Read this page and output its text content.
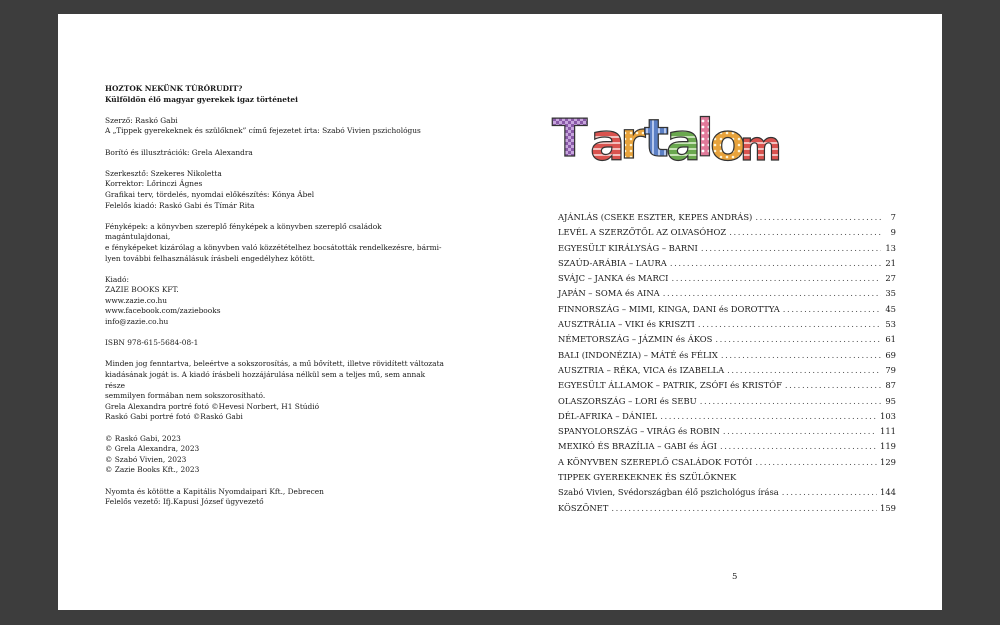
HOZTOK NEKÜNK TÚRÓRUDIT?
Külföldön élő magyar gyerekek igaz történetei
Szerző: Raskó Gabi
A „Tippek gyerekeknek és szülőknek” című fejezetet írta: Szabó Vivien pszichológus
Borító és illusztrációk: Grela Alexandra
Szerkesztő: Szekeres Nikoletta
Korrektor: Lőrinczi Ágnes
Grafikai terv, tördelés, nyomdai előkészítés: Kónya Ábel
Felelős kiadó: Raskó Gabi és Tímár Rita
Fényképek: a könyvben szereplő fényképek a könyvben szereplő családok magántulajdonai,
e fényképeket kizárólag a könyvben való közzétételhez bocsátották rendelkezésre, bármi-
lyen további felhasználásuk írásbeli engedélyhez kötött.
Kiadó:
ZAZIE BOOKS KFT.
www.zazie.co.hu
www.facebook.com/zaziebooks
info@zazie.co.hu
ISBN 978-615-5684-08-1
Minden jog fenntartva, beleértve a sokszorosítás, a mű bővített, illetve rövidített változata
kiadásának jogát is. A kiadó írásbeli hozzájárulása nélkül sem a teljes mű, sem annak része
semmilyen formában nem sokszorosítható.
Grela Alexandra portré fotó ©Hevesi Norbert, H1 Stúdió
Raskó Gabi portré fotó ©Raskó Gabi
© Raskó Gabi, 2023
© Grela Alexandra, 2023
© Szabó Vivien, 2023
© Zazie Books Kft., 2023
Nyomta és kötötte a Kapitális Nyomdaipari Kft., Debrecen
Felelős vezető: Ifj.Kapusi József ügyvezető
T a
r
t
a
l
o
m
AJÁNLÁS (CSEKE ESZTER, KEPES ANDRÁS) .....	7
LEVÉL A SZERZŐTŐL AZ OLVASÓHOZ .....	9
EGYESÜLT KIRÁLYSÁG – BARNI .....	13
SZAÚD-ARÁBIA – LAURA .....	21
SVÁJC – JANKA és MARCI .....	27
JAPÁN – SOMA és AINA .....	35
FINNORSZÁG – MIMI, KINGA, DANI és DOROTTYA .....	45
AUSZTRÁLIA – VIKI és KRISZTI .....	53
NÉMETORSZÁG – JÁZMIN és ÁKOS .....	61
BALI (INDONÉZIA) – MÁTÉ és FÉLIX .....	69
AUSZTRIA – RÉKA, VICA és IZABELLA .....	79
EGYESÜLT ÁLLAMOK – PATRIK, ZSÓFI és KRISTÓF .....	87
OLASZORSZÁG – LORI és SEBU .....	95
DÉL-AFRIKA – DÁNIEL .....	103
SPANYOLORSZÁG – VIRÁG és ROBIN .....	111
MEXIKÓ ÉS BRAZÍLIA – GABI és ÁGI .....	119
A KÖNYVBEN SZEREPLŐ CSALÁDOK FOTÓI .....	129
TIPPEK GYEREKEKNEK ÉS SZÜLŐKNEK
Szabó Vivien, Svédországban élő pszichológus írása .....	144
KÖSZÖNET .....	159
5
